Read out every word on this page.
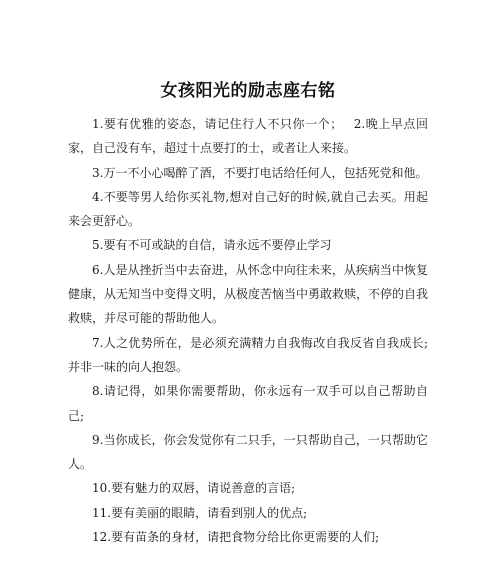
女孩阳光的励志座右铭

1.要有优雅的姿态，请记住行人不只你一个；　 2.晚上早点回家，自己没有车，超过十点要打的士，或者让人来接。

3.万一不小心喝醉了酒，不要打电话给任何人，包括死党和他。

4.不要等男人给你买礼物,想对自己好的时候,就自己去买。用起来会更舒心。

5.要有不可或缺的自信，请永远不要停止学习

6.人是从挫折当中去奋进，从怀念中向往未来，从疾病当中恢复健康，从无知当中变得文明，从极度苦恼当中勇敢救赎，不停的自我救赎，并尽可能的帮助他人。

7.人之优势所在，是必须充满精力自我悔改自我反省自我成长;并非一味的向人抱怨。

8.请记得，如果你需要帮助，你永远有一双手可以自己帮助自己;

9.当你成长，你会发觉你有二只手，一只帮助自己，一只帮助它人。

10.要有魅力的双唇，请说善意的言语;

11.要有美丽的眼睛，请看到别人的优点;

12.要有苗条的身材，请把食物分给比你更需要的人们;
